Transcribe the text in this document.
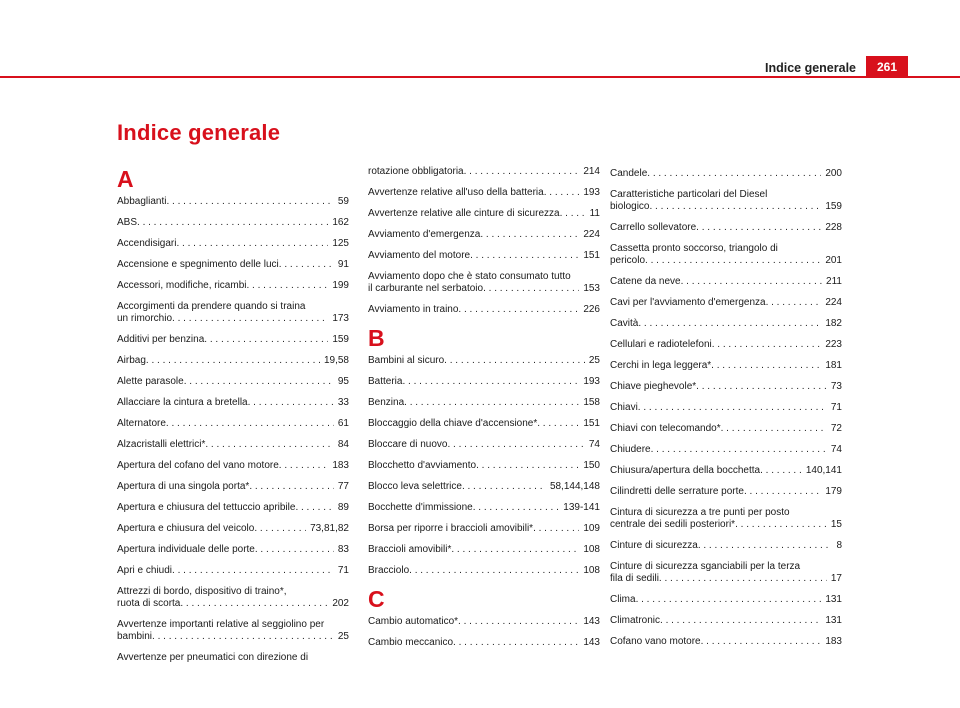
Indice generale	261
Indice generale
A
Abbaglianti . . .	59
ABS . . .	162
Accendisigari . . .	125
Accensione e spegnimento delle luci . . .	91
Accessori, modifiche, ricambi . . .	199
Accorgimenti da prendere quando si traina
un rimorchio . . .	173
Additivi per benzina . . .	159
Airbag . . .	19,58
Alette parasole . . .	95
Allacciare la cintura a bretella . . .	33
Alternatore . . .	61
Alzacristalli elettrici* . . .	84
Apertura del cofano del vano motore . . .	183
Apertura di una singola porta* . . .	77
Apertura e chiusura del tettuccio apribile . . .	89
Apertura e chiusura del veicolo . . .	73,81,82
Apertura individuale delle porte . . .	83
Apri e chiudi . . .	71
Attrezzi di bordo, dispositivo di traino*,
ruota di scorta . . .	202
Avvertenze importanti relative al seggiolino per
bambini . . .	25
Avvertenze per pneumatici con direzione di
rotazione obbligatoria . . .	214
Avvertenze relative all'uso della batteria . . .	193
Avvertenze relative alle cinture di sicurezza . . .	11
Avviamento d'emergenza . . .	224
Avviamento del motore . . .	151
Avviamento dopo che è stato consumato tutto
il carburante nel serbatoio . . .	153
Avviamento in traino . . .	226
B
Bambini al sicuro . . .	25
Batteria . . .	193
Benzina . . .	158
Bloccaggio della chiave d'accensione* . . .	151
Bloccare di nuovo . . .	74
Blocchetto d'avviamento . . .	150
Blocco leva selettrice . . .	58,144,148
Bocchette d'immissione . . .	139-141
Borsa per riporre i braccioli amovibili* . . .	109
Braccioli amovibili* . . .	108
Bracciolo . . .	108
C
Cambio automatico* . . .	143
Cambio meccanico . . .	143
Candele . . .	200
Caratteristiche particolari del Diesel
biologico . . .	159
Carrello sollevatore . . .	228
Cassetta pronto soccorso, triangolo di
pericolo . . .	201
Catene da neve . . .	211
Cavi per l'avviamento d'emergenza . . .	224
Cavità . . .	182
Cellulari e radiotelefoni . . .	223
Cerchi in lega leggera* . . .	181
Chiave pieghevole* . . .	73
Chiavi . . .	71
Chiavi con telecomando* . . .	72
Chiudere . . .	74
Chiusura/apertura della bocchetta . . .	140,141
Cilindretti delle serrature porte . . .	179
Cintura di sicurezza a tre punti per posto
centrale dei sedili posteriori* . . .	15
Cinture di sicurezza . . .	8
Cinture di sicurezza sganciabili per la terza
fila di sedili . . .	17
Clima . . .	131
Climatronic . . .	131
Cofano vano motore . . .	183
